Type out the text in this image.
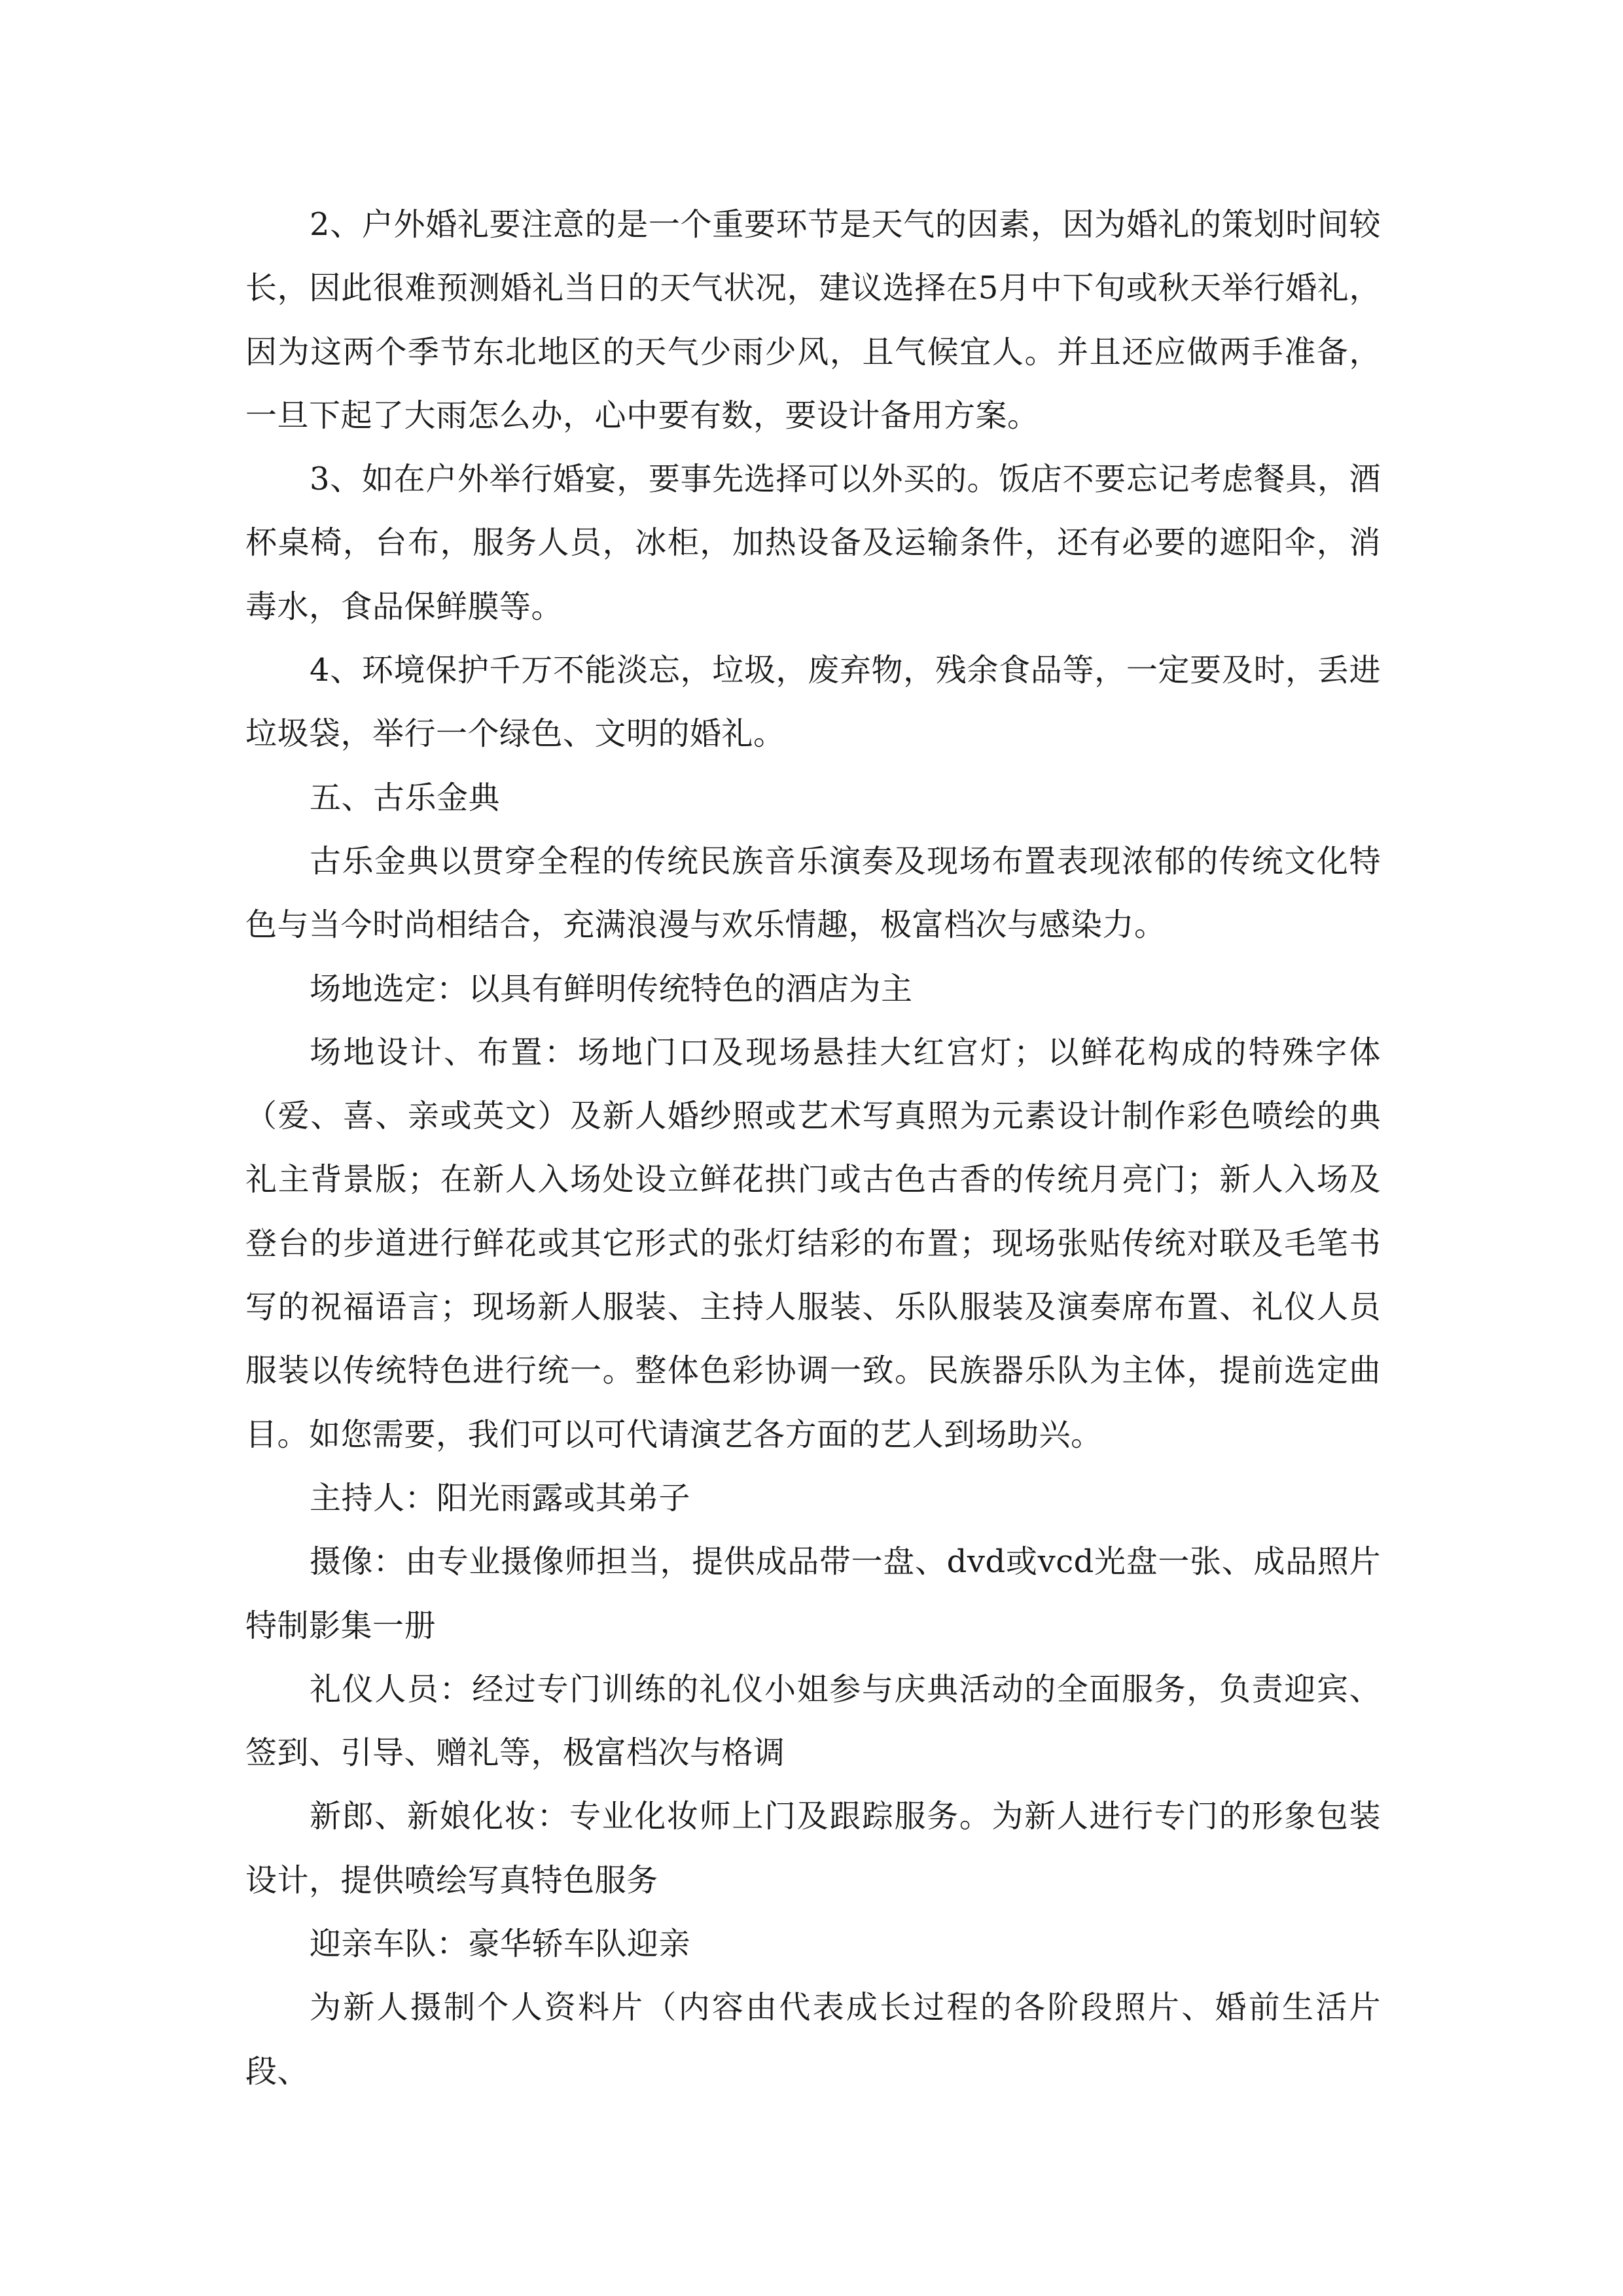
2、户外婚礼要注意的是一个重要环节是天气的因素，因为婚礼的策划时间较长，因此很难预测婚礼当日的天气状况，建议选择在5月中下旬或秋天举行婚礼，因为这两个季节东北地区的天气少雨少风，且气候宜人。并且还应做两手准备，一旦下起了大雨怎么办，心中要有数，要设计备用方案。

3、如在户外举行婚宴，要事先选择可以外买的。饭店不要忘记考虑餐具，酒杯桌椅，台布，服务人员，冰柜，加热设备及运输条件，还有必要的遮阳伞，消毒水，食品保鲜膜等。

4、环境保护千万不能淡忘，垃圾，废弃物，残余食品等，一定要及时，丢进垃圾袋，举行一个绿色、文明的婚礼。

五、古乐金典

古乐金典以贯穿全程的传统民族音乐演奏及现场布置表现浓郁的传统文化特色与当今时尚相结合，充满浪漫与欢乐情趣，极富档次与感染力。

场地选定：以具有鲜明传统特色的酒店为主

场地设计、布置：场地门口及现场悬挂大红宫灯；以鲜花构成的特殊字体（爱、喜、亲或英文）及新人婚纱照或艺术写真照为元素设计制作彩色喷绘的典礼主背景版；在新人入场处设立鲜花拱门或古色古香的传统月亮门；新人入场及登台的步道进行鲜花或其它形式的张灯结彩的布置；现场张贴传统对联及毛笔书写的祝福语言；现场新人服装、主持人服装、乐队服装及演奏席布置、礼仪人员服装以传统特色进行统一。整体色彩协调一致。民族器乐队为主体，提前选定曲目。如您需要，我们可以可代请演艺各方面的艺人到场助兴。

主持人：阳光雨露或其弟子

摄像：由专业摄像师担当，提供成品带一盘、dvd或vcd光盘一张、成品照片特制影集一册

礼仪人员：经过专门训练的礼仪小姐参与庆典活动的全面服务，负责迎宾、签到、引导、赠礼等，极富档次与格调

新郎、新娘化妆：专业化妆师上门及跟踪服务。为新人进行专门的形象包装设计，提供喷绘写真特色服务

迎亲车队：豪华轿车队迎亲

为新人摄制个人资料片（内容由代表成长过程的各阶段照片、婚前生活片段、
